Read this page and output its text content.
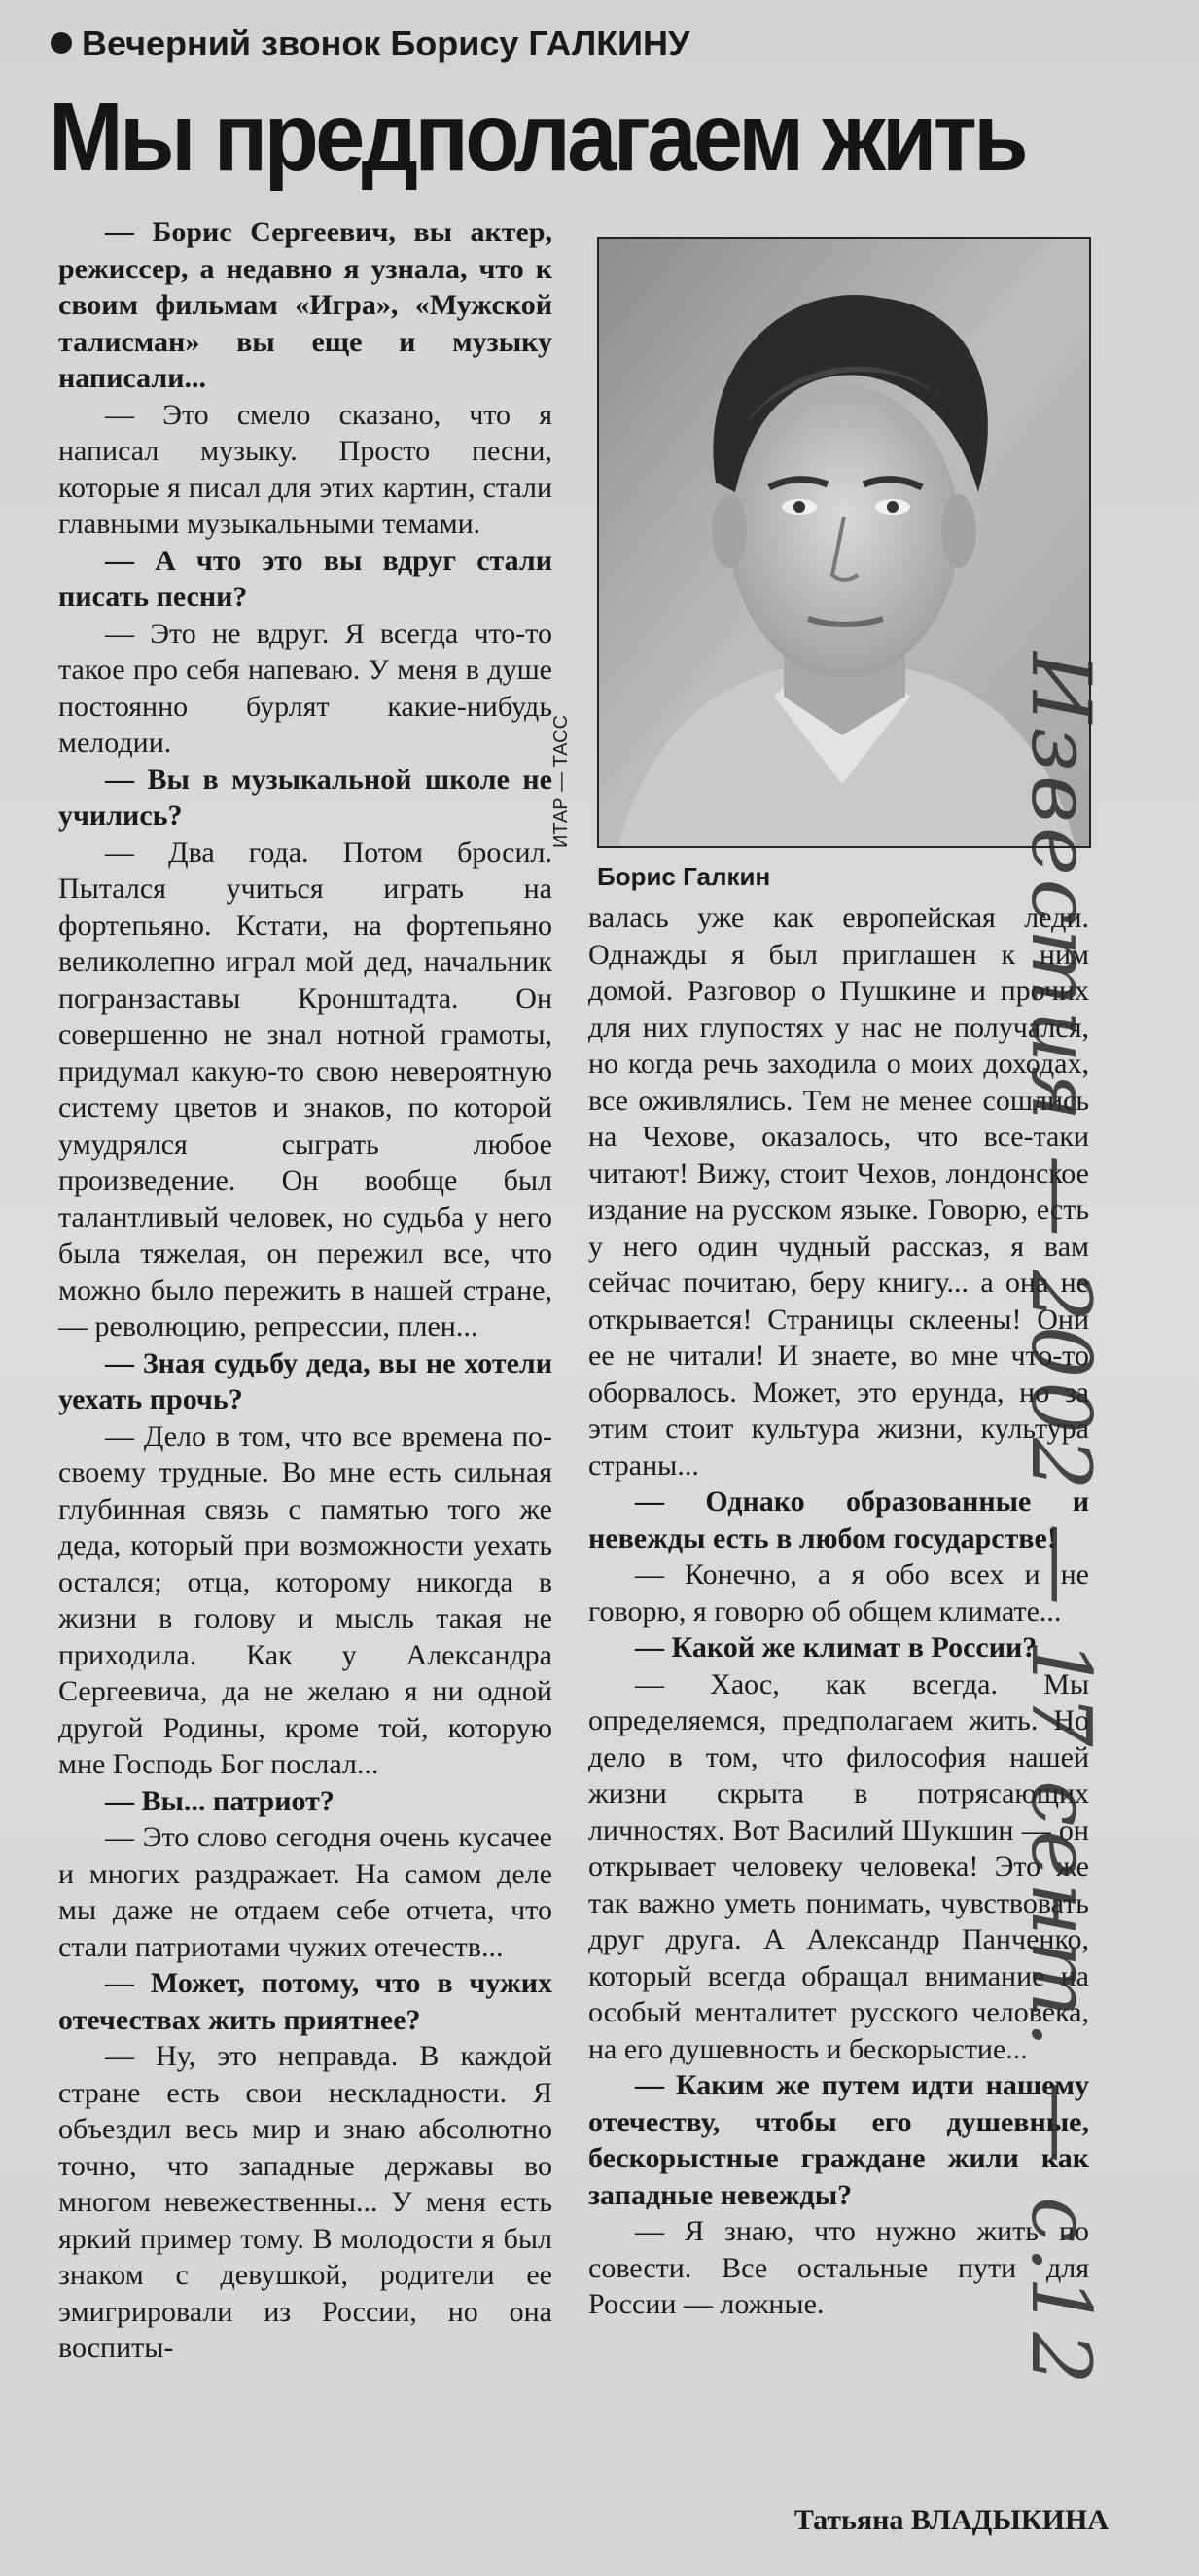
Вечерний звонок Борису ГАЛКИНУ
Мы предполагаем жить

— Борис Сергеевич, вы актер, режиссер, а недавно я узнала, что к своим фильмам «Игра», «Мужской талисман» вы еще и музыку написали...

— Это смело сказано, что я написал музыку. Просто песни, которые я писал для этих картин, стали главными музыкальными темами.

— А что это вы вдруг стали писать песни?

— Это не вдруг. Я всегда что-то такое про себя напеваю. У меня в душе постоянно бурлят какие-нибудь мелодии.

— Вы в музыкальной школе не учились?

— Два года. Потом бросил. Пытался учиться играть на фортепьяно. Кстати, на фортепьяно великолепно играл мой дед, начальник погранзаставы Кронштадта. Он совершенно не знал нотной грамоты, придумал какую-то свою невероятную систему цветов и знаков, по которой умудрялся сыграть любое произведение. Он вообще был талантливый человек, но судьба у него была тяжелая, он пережил все, что можно было пережить в нашей стране, — революцию, репрессии, плен...

— Зная судьбу деда, вы не хотели уехать прочь?

— Дело в том, что все времена по-своему трудные. Во мне есть сильная глубинная связь с памятью того же деда, который при возможности уехать остался; отца, которому никогда в жизни в голову и мысль такая не приходила. Как у Александра Сергеевича, да не желаю я ни одной другой Родины, кроме той, которую мне Господь Бог послал...

— Вы... патриот?

— Это слово сегодня очень кусачее и многих раздражает. На самом деле мы даже не отдаем себе отчета, что стали патриотами чужих отечеств...

— Может, потому, что в чужих отечествах жить приятнее?

— Ну, это неправда. В каждой стране есть свои нескладности. Я объездил весь мир и знаю абсолютно точно, что западные державы во многом невежественны... У меня есть яркий пример тому. В молодости я был знаком с девушкой, родители ее эмигрировали из России, но она воспиты-

ИТАР — ТАСС
Борис Галкин

валась уже как европейская леди. Однажды я был приглашен к ним домой. Разговор о Пушкине и прочих для них глупостях у нас не получался, но когда речь заходила о моих доходах, все оживлялись. Тем не менее сошлись на Чехове, оказалось, что все-таки читают! Вижу, стоит Чехов, лондонское издание на русском языке. Говорю, есть у него один чудный рассказ, я вам сейчас почитаю, беру книгу... а она не открывается! Страницы склеены! Они ее не читали! И знаете, во мне что-то оборвалось. Может, это ерунда, но за этим стоит культура жизни, культура страны...

— Однако образованные и невежды есть в любом государстве!

— Конечно, а я обо всех и не говорю, я говорю об общем климате...

— Какой же климат в России?

— Хаос, как всегда. Мы определяемся, предполагаем жить. Но дело в том, что философия нашей жизни скрыта в потрясающих личностях. Вот Василий Шукшин — он открывает человеку человека! Это же так важно уметь понимать, чувствовать друг друга. А Александр Панченко, который всегда обращал внимание на особый менталитет русского человека, на его душевность и бескорыстие...

— Каким же путем идти нашему отечеству, чтобы его душевные, бескорыстные граждане жили как западные невежды?

— Я знаю, что нужно жить по совести. Все остальные пути для России — ложные.

Татьяна ВЛАДЫКИНА
Известия — 2002 — 17 сент. — с.12
